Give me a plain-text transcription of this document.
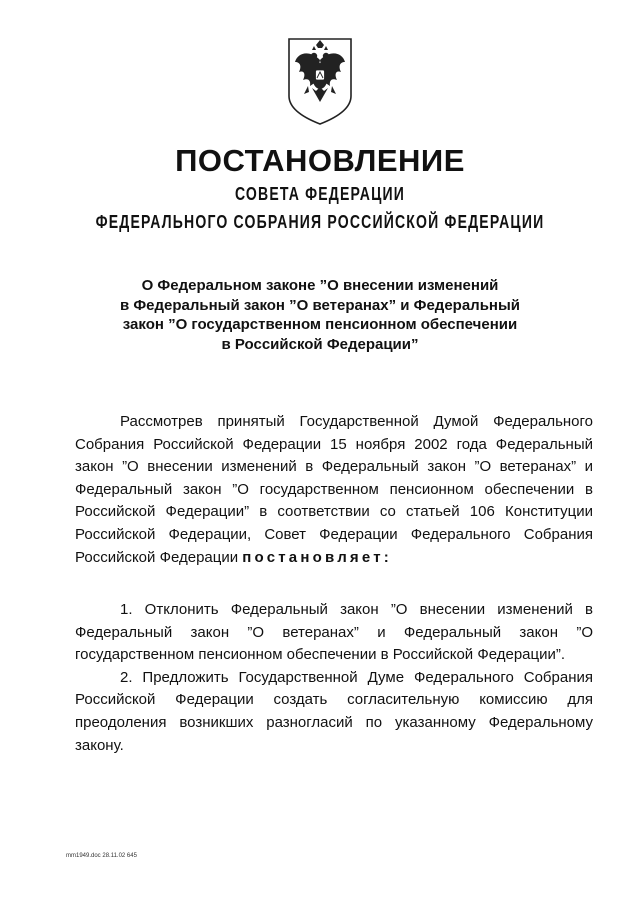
ПОСТАНОВЛЕНИЕ
СОВЕТА ФЕДЕРАЦИИ
ФЕДЕРАЛЬНОГО СОБРАНИЯ РОССИЙСКОЙ ФЕДЕРАЦИИ
О Федеральном законе ”О внесении изменений
в Федеральный закон ”О ветеранах” и Федеральный
закон ”О государственном пенсионном обеспечении
в Российской Федерации”

Рассмотрев принятый Государственной Думой Федерального Собрания Российской Федерации 15 ноября 2002 года Федеральный закон ”О внесении изменений в Федеральный закон ”О ветеранах” и Федеральный закон ”О государственном пенсионном обеспечении в Российской Федерации” в соответствии со статьей 106 Конституции Российской Федерации, Совет Федерации Федерального Собрания Российской Федерации постановляет:

1. Отклонить Федеральный закон ”О внесении изменений в Федеральный закон ”О ветеранах” и Федеральный закон ”О государственном пенсионном обеспечении в Российской Федерации”.

2. Предложить Государственной Думе Федерального Собрания Российской Федерации создать согласительную комиссию для преодоления возникших разногласий по указанному Федеральному закону.

mm1949.doc 28.11.02 645
